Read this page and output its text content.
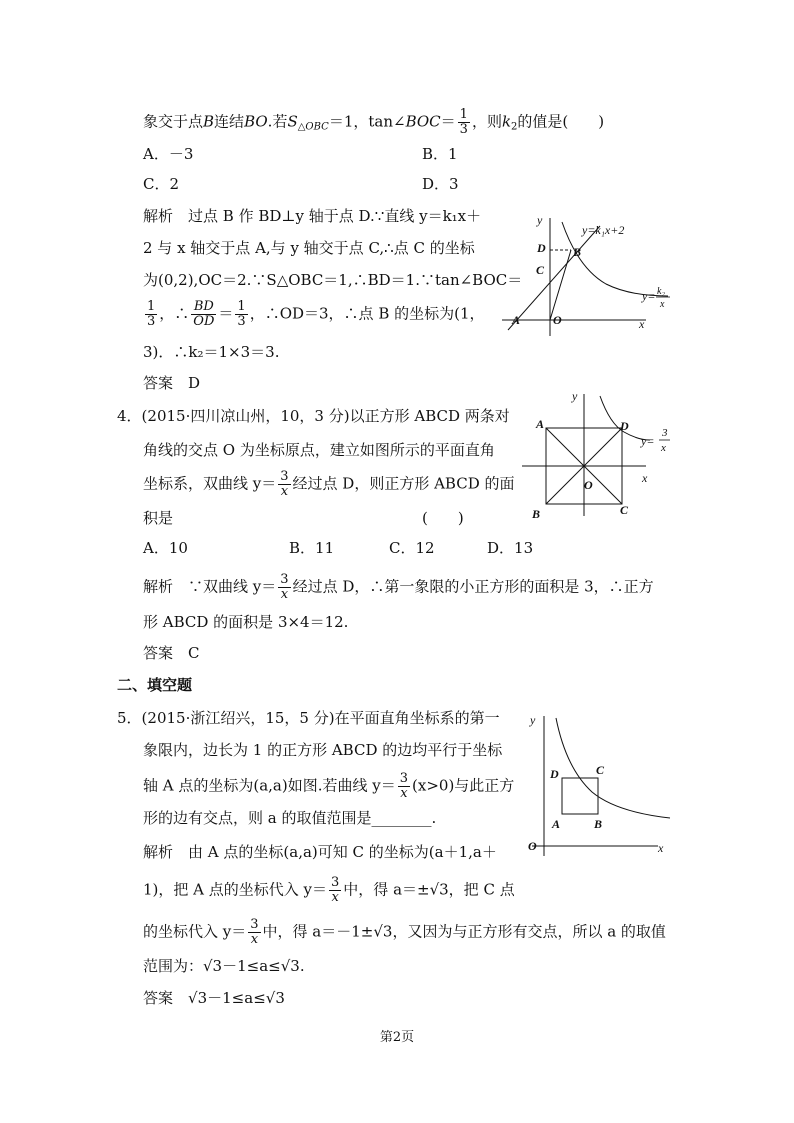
象交于点B连结BO.若$S_{\triangle OBC}=1$，tan∠BOC＝ $\frac{1}{3}$ ，则$k_2$的值是(　　)
A．－3	B．1
C．2	D．3
解析　 过点 B 作 BD⊥y 轴于点 D.∵直线 y＝k₁x＋
2 与 x 轴交于点 A,与 y 轴交于点 C,∴点 C 的坐标
为(0,2),OC＝2.∵S△OBC＝1,∴BD＝1.∵tan∠BOC＝
$\frac{1}{3}$ ，∴ $\frac{BD}{OD} = \frac{1}{3}$ ，∴OD＝3，∴点 B 的坐标为(1，
3)．∴k₂＝1×3＝3.
答案　 D
y
x
A	O
C
D B
y=k₁x+2
y= k₂
x
4．(2015·四川凉山州，10，3 分)以正方形 ABCD 两条对
角线的交点 O 为坐标原点，建立如图所示的平面直角
坐标系，双曲线 $y= \frac{3}{x}$ 经过点 D，则正方形 ABCD 的面
积是	(　　)
A．10	B．11	C．12	D．13
解析　 ∵双曲线 $y= \frac{3}{x}$ 经过点 D，∴第一象限的小正方形的面积是 3，∴正方
形 ABCD 的面积是 3×4＝12.
答案　 C
y
x
A
B	C
D
O
y=
3
x
二、填空题
5．(2015·浙江绍兴，15，5 分)在平面直角坐标系的第一
象限内，边长为 1 的正方形 ABCD 的边均平行于坐标
轴 A 点的坐标为(a,a)如图.若曲线 $y= \frac{3}{x} (x>0)$与此正方
形的边有交点，则 a 的取值范围是________.
解析　 由 A 点的坐标(a,a)可知 C 的坐标为(a＋1,a＋
1)，把 A 点的坐标代入 $y= \frac{3}{x}$ 中，得 a＝±√3，把 C 点
的坐标代入 $y= \frac{3}{x}$ 中，得 a＝－1±√3，又因为与正方形有交点，所以 a 的取值
范围为：√3－1≤a≤√3.
答案　 √3－1≤a≤√3
y
x
A	B
C
D
O
第2页
